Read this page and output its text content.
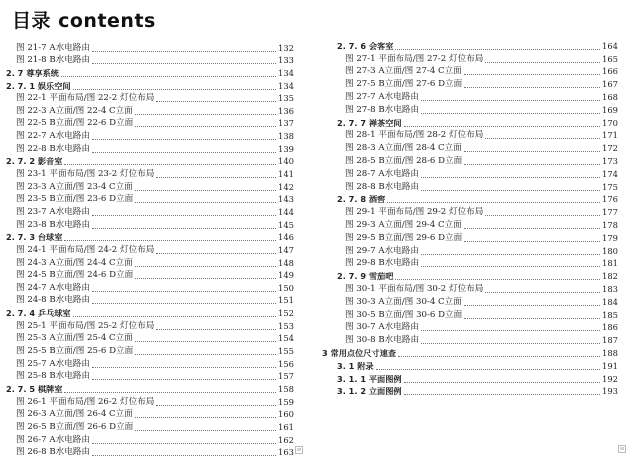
目录 contents
图 21-7 A水电路由	132
图 21-8 B水电路由	133
2. 7 尊享系统	134
2. 7. 1 娱乐空间	134
图 22-1 平面布局/图 22-2 灯位布局	135
图 22-3 A立面/图 22-4 C立面	136
图 22-5 B立面/图 22-6 D立面	137
图 22-7 A水电路由	138
图 22-8 B水电路由	139
2. 7. 2 影音室	140
图 23-1 平面布局/图 23-2 灯位布局	141
图 23-3 A立面/图 23-4 C立面	142
图 23-5 B立面/图 23-6 D立面	143
图 23-7 A水电路由	144
图 23-8 B水电路由	145
2. 7. 3 台球室	146
图 24-1 平面布局/图 24-2 灯位布局	147
图 24-3 A立面/图 24-4 C立面	148
图 24-5 B立面/图 24-6 D立面	149
图 24-7 A水电路由	150
图 24-8 B水电路由	151
2. 7. 4 乒乓球室	152
图 25-1 平面布局/图 25-2 灯位布局	153
图 25-3 A立面/图 25-4 C立面	154
图 25-5 B立面/图 25-6 D立面	155
图 25-7 A水电路由	156
图 25-8 B水电路由	157
2. 7. 5 棋牌室	158
图 26-1 平面布局/图 26-2 灯位布局	159
图 26-3 A立面/图 26-4 C立面	160
图 26-5 B立面/图 26-6 D立面	161
图 26-7 A水电路由	162
图 26-8 B水电路由	163
2. 7. 6 会客室	164
图 27-1 平面布局/图 27-2 灯位布局	165
图 27-3 A立面/图 27-4 C立面	166
图 27-5 B立面/图 27-6 D立面	167
图 27-7 A水电路由	168
图 27-8 B水电路由	169
2. 7. 7 禅茶空间	170
图 28-1 平面布局/图 28-2 灯位布局	171
图 28-3 A立面/图 28-4 C立面	172
图 28-5 B立面/图 28-6 D立面	173
图 28-7 A水电路由	174
图 28-8 B水电路由	175
2. 7. 8 酒窖	176
图 29-1 平面布局/图 29-2 灯位布局	177
图 29-3 A立面/图 29-4 C立面	178
图 29-5 B立面/图 29-6 D立面	179
图 29-7 A水电路由	180
图 29-8 B水电路由	181
2. 7. 9 雪茄吧	182
图 30-1 平面布局/图 30-2 灯位布局	183
图 30-3 A立面/图 30-4 C立面	184
图 30-5 B立面/图 30-6 D立面	185
图 30-7 A水电路由	186
图 30-8 B水电路由	187
3 常用点位尺寸速查	188
3. 1 附录	191
3. 1. 1 平面图例	192
3. 1. 2 立面图例	193
⊞	⊞
